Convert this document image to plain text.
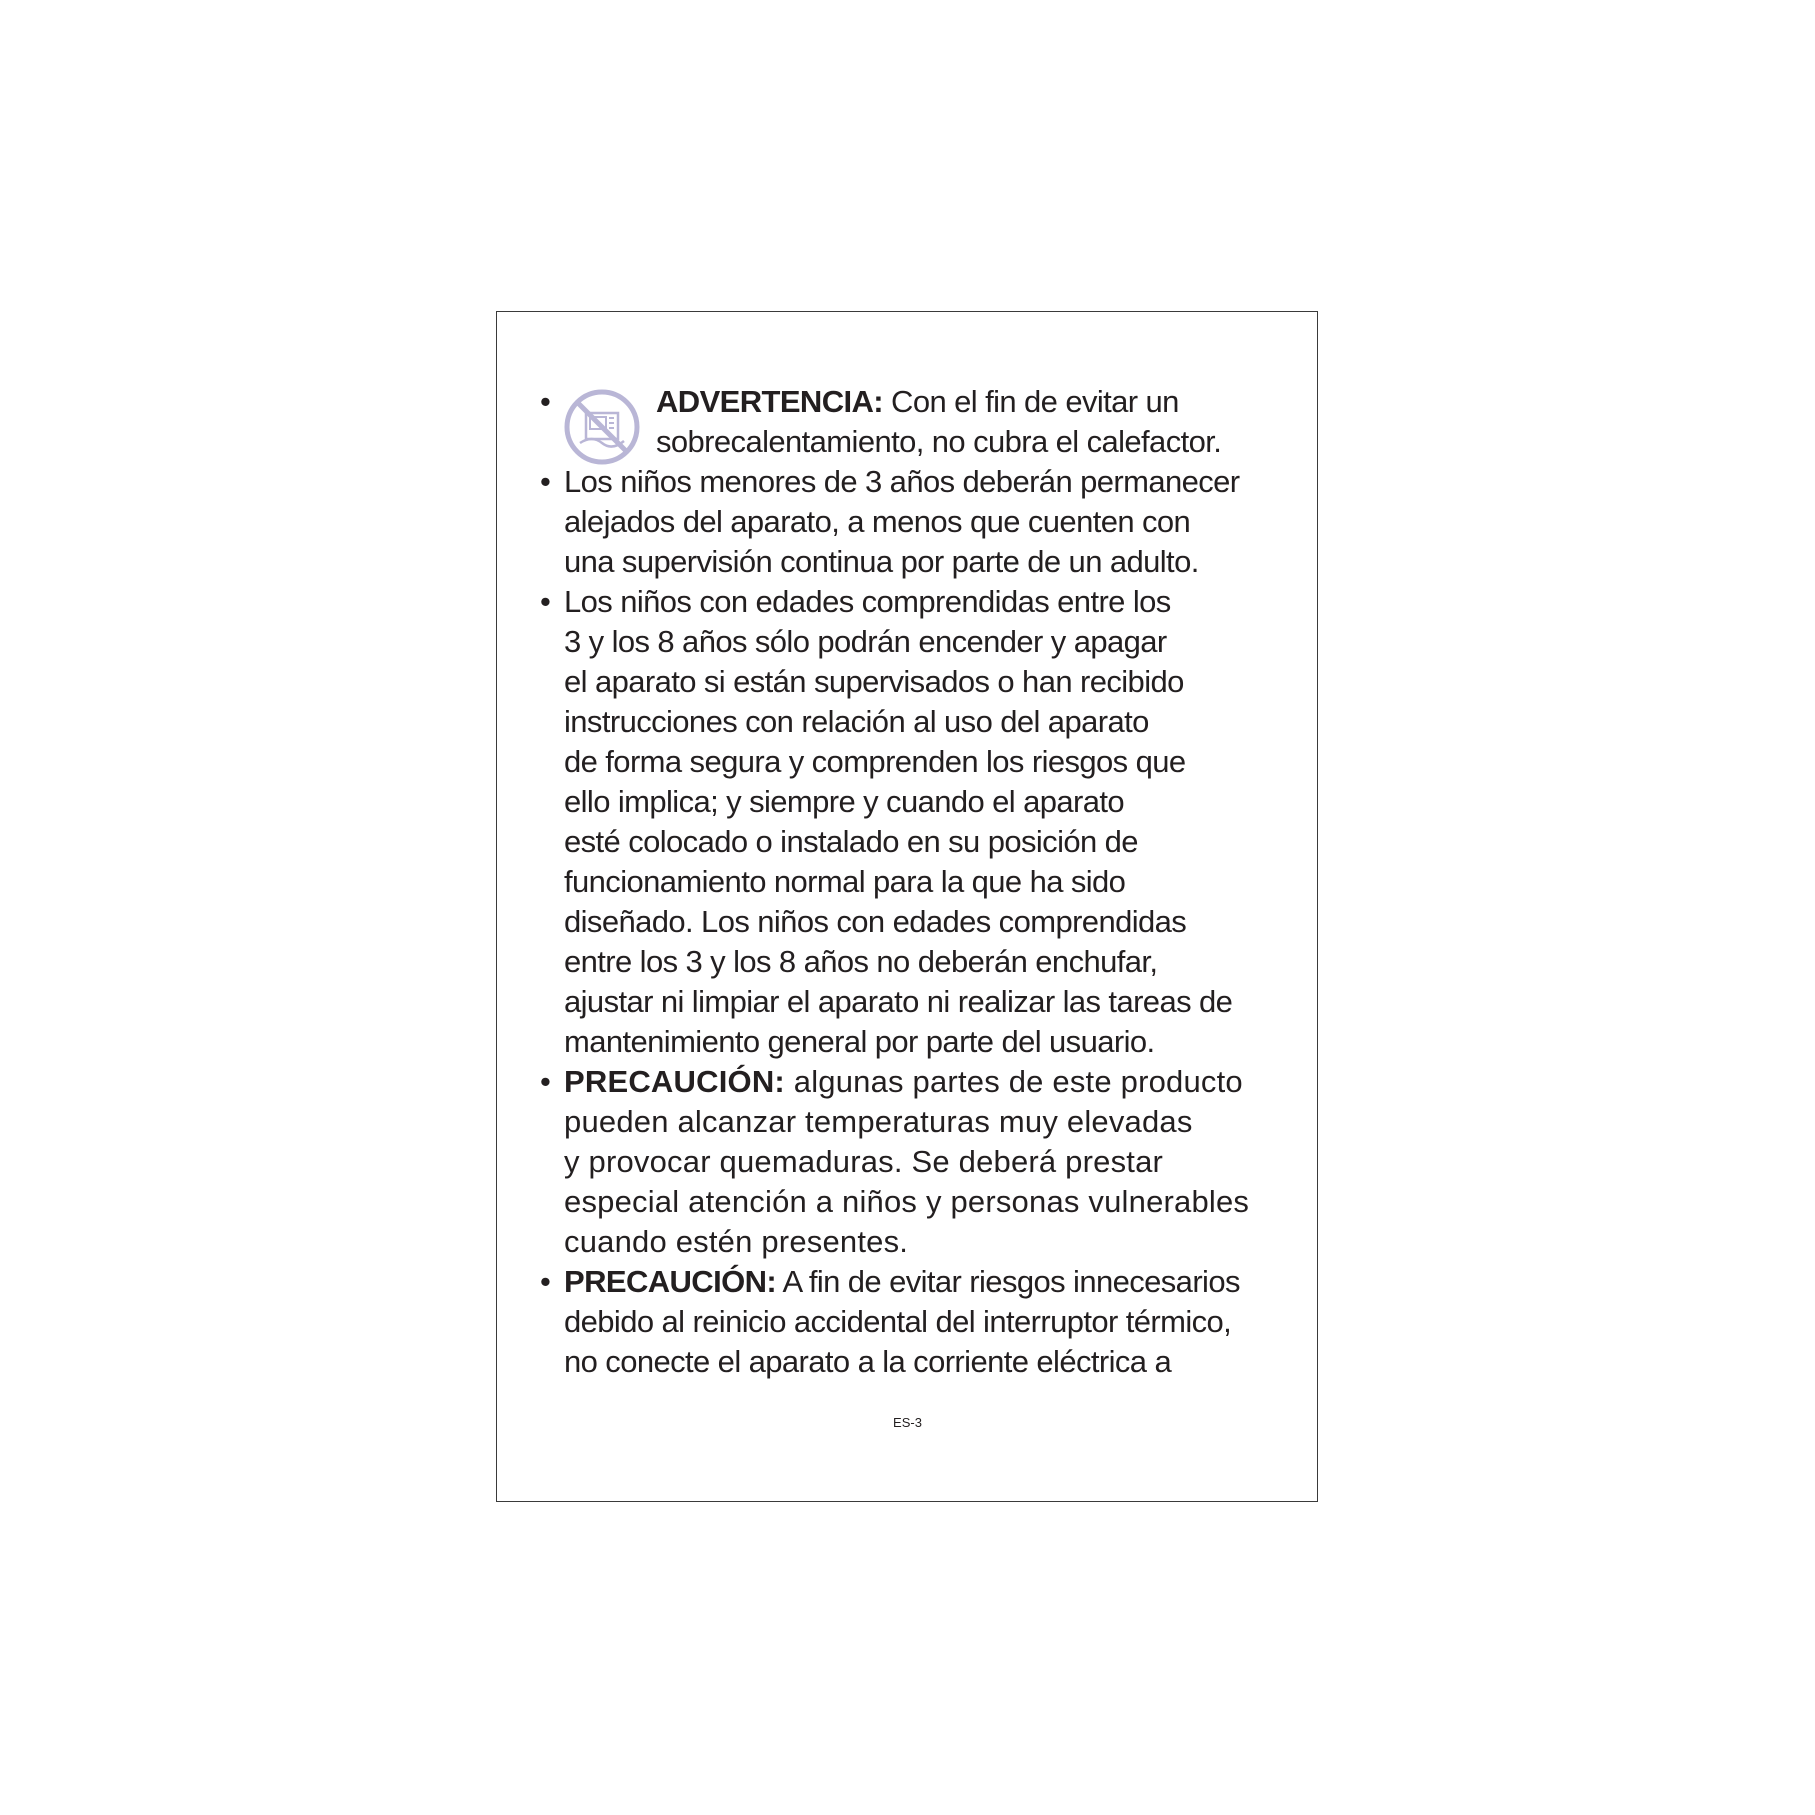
•	ADVERTENCIA: Con el fin de evitar un
sobrecalentamiento, no cubra el calefactor.
• Los niños menores de 3 años deberán permanecer
alejados del aparato, a menos que cuenten con
una supervisión continua por parte de un adulto.
• Los niños con edades comprendidas entre los
3 y los 8 años sólo podrán encender y apagar
el aparato si están supervisados o han recibido
instrucciones con relación al uso del aparato
de forma segura y comprenden los riesgos que
ello implica; y siempre y cuando el aparato
esté colocado o instalado en su posición de
funcionamiento normal para la que ha sido
diseñado. Los niños con edades comprendidas
entre los 3 y los 8 años no deberán enchufar,
ajustar ni limpiar el aparato ni realizar las tareas de
mantenimiento general por parte del usuario.
• PRECAUCIÓN: algunas partes de este producto
pueden alcanzar temperaturas muy elevadas
y provocar quemaduras. Se deberá prestar
especial atención a niños y personas vulnerables
cuando estén presentes.
• PRECAUCIÓN: A fin de evitar riesgos innecesarios
debido al reinicio accidental del interruptor térmico,
no conecte el aparato a la corriente eléctrica a
ES-3
